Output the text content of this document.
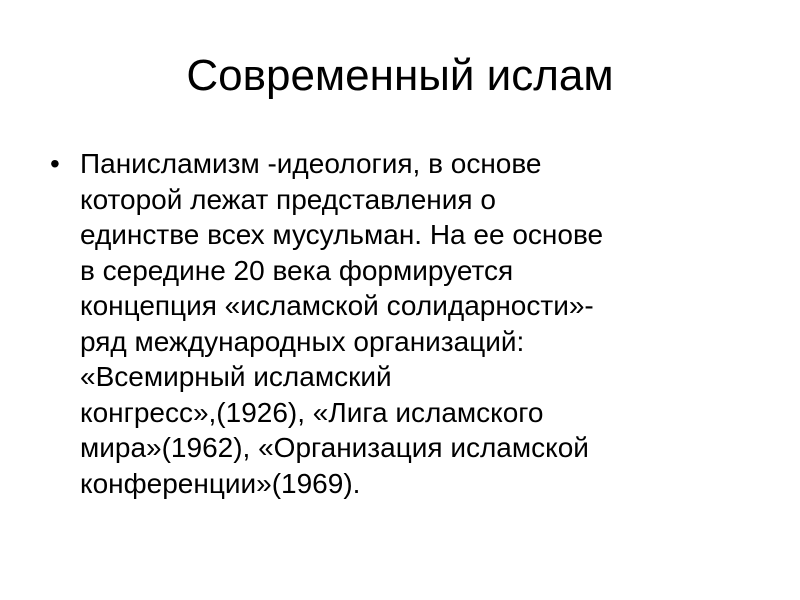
Современный ислам
• Панисламизм -идеология, в основе
которой лежат представления о
единстве всех мусульман. На ее основе
в середине 20 века формируется
концепция «исламской солидарности»-
ряд международных организаций:
«Всемирный исламский
конгресс»,(1926), «Лига исламского
мира»(1962), «Организация исламской
конференции»(1969).
